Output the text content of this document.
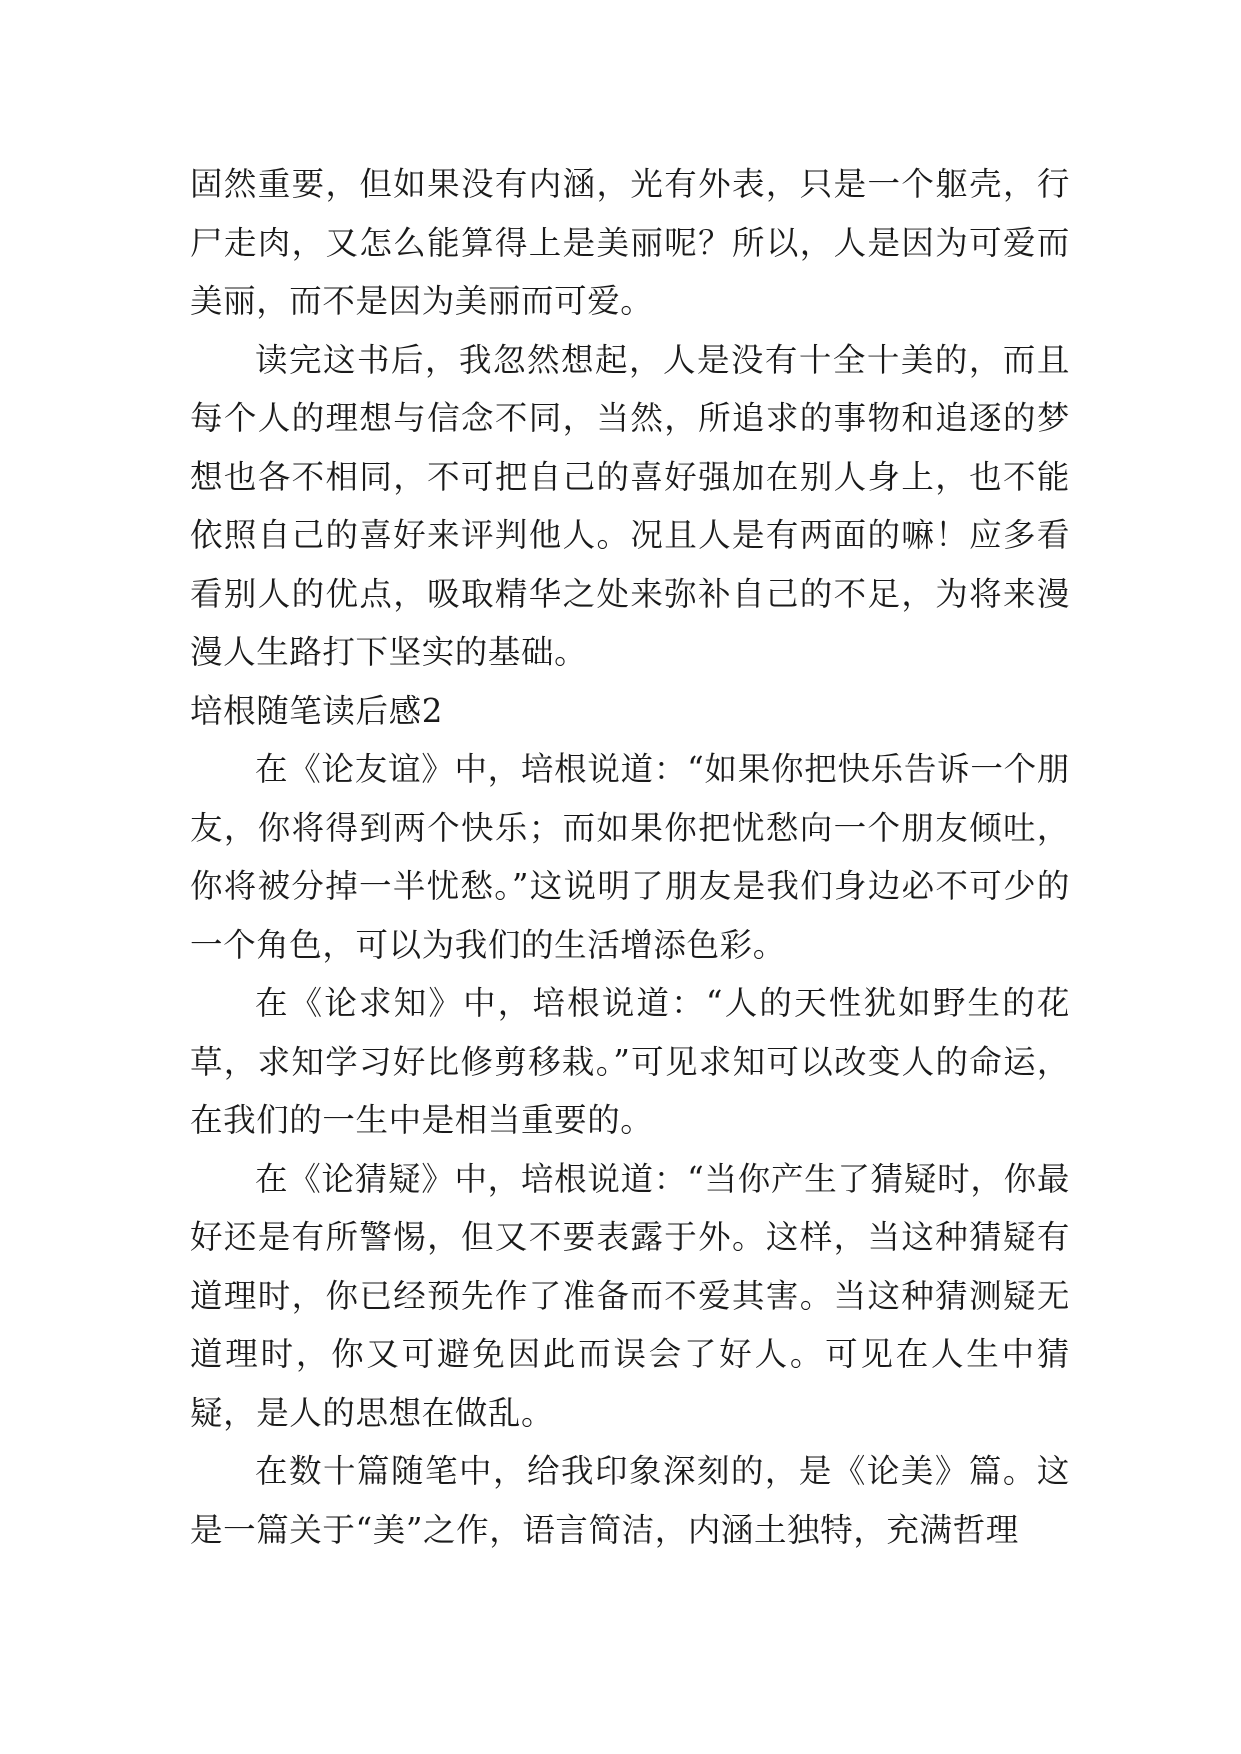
固然重要，但如果没有内涵，光有外表，只是一个躯壳，行尸走肉，又怎么能算得上是美丽呢？所以，人是因为可爱而美丽，而不是因为美丽而可爱。

读完这书后，我忽然想起，人是没有十全十美的，而且每个人的理想与信念不同，当然，所追求的事物和追逐的梦想也各不相同，不可把自己的喜好强加在别人身上，也不能依照自己的喜好来评判他人。况且人是有两面的嘛！应多看看别人的优点，吸取精华之处来弥补自己的不足，为将来漫漫人生路打下坚实的基础。

培根随笔读后感2

在《论友谊》中，培根说道：“如果你把快乐告诉一个朋友，你将得到两个快乐；而如果你把忧愁向一个朋友倾吐，你将被分掉一半忧愁。”这说明了朋友是我们身边必不可少的一个角色，可以为我们的生活增添色彩。

在《论求知》中，培根说道：“人的天性犹如野生的花草，求知学习好比修剪移栽。”可见求知可以改变人的命运，在我们的一生中是相当重要的。

在《论猜疑》中，培根说道：“当你产生了猜疑时，你最好还是有所警惕，但又不要表露于外。这样，当这种猜疑有道理时，你已经预先作了准备而不爱其害。当这种猜测疑无道理时，你又可避免因此而误会了好人。可见在人生中猜疑，是人的思想在做乱。

在数十篇随笔中，给我印象深刻的，是《论美》篇。这是一篇关于“美”之作，语言简洁，内涵土独特，充满哲理
